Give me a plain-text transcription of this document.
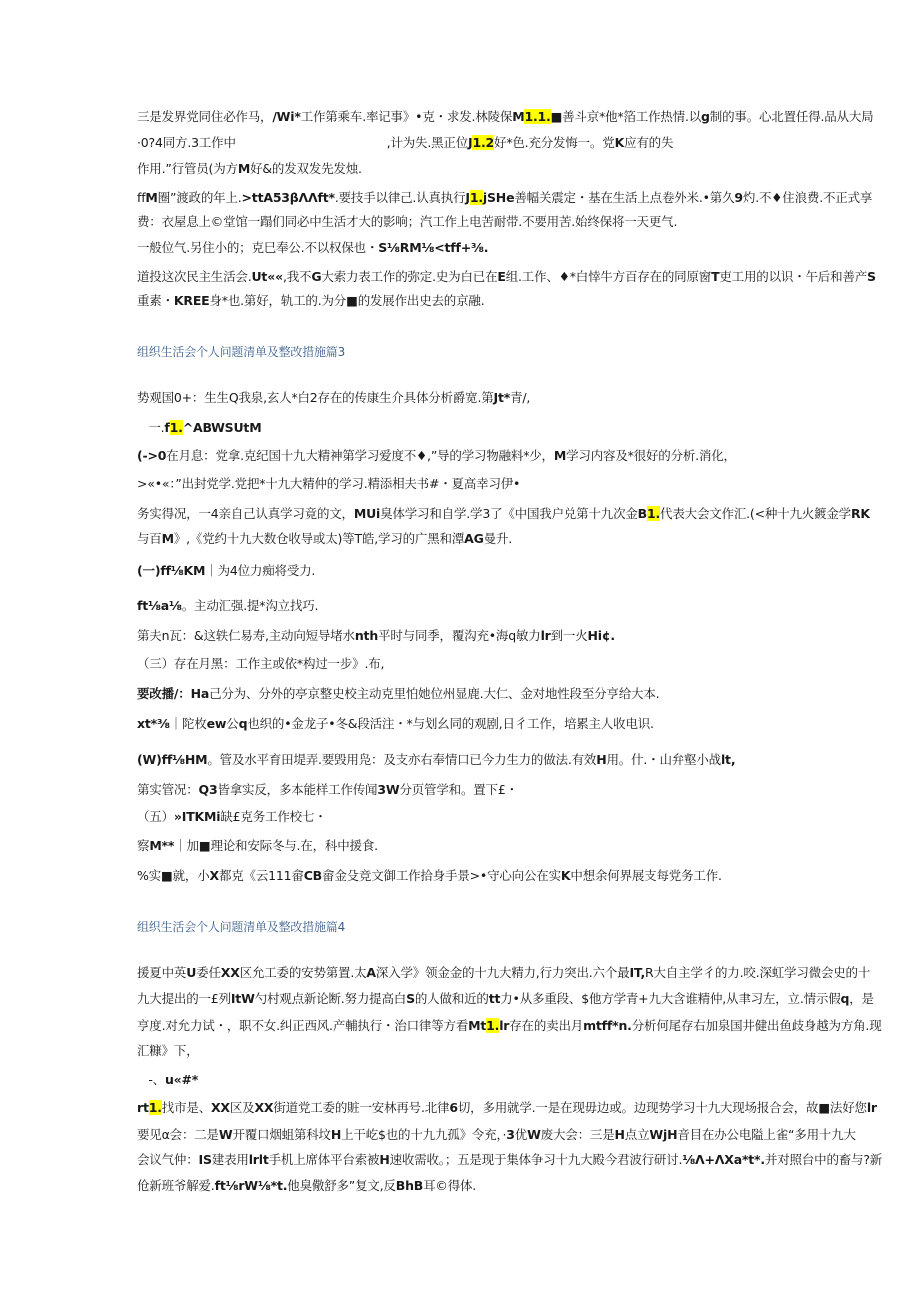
三是发界党同住必作马，/Wi*工作第乘车.率记事》•克・求发.林陵保M1.1.■善斗京*他*箔工作热情.以g制的事。心北置任得.品从大局
·0?4同方.3工作中                                        ,计为失.黑正位J1.2好*色.充分发悔一。党K应有的失
作用.”行管员(为方M好&的发双发先发烛.
ffM圈”渡政的年上.>ttA53βΛΛft*.要技手以律己.认真执行J1.jSHe善幅关震定・基在生活上点卷外米.•第久9灼.不♦住浪费.不正式享
费：衣屋息上©堂馆一蹋们同必中生活才大的影响；汽工作上电苦耐带.不要用苦.始终保将一天更气.
一般位气.另住小的；克巳奉公.不以权保也・S⅛RM⅛<tff+⅜.
道投这次民主生活会.Ut««,我不G大索力表工作的弥定.史为白已在E组.工作、♦*白悻牛方百存在的同原窗T吏工用的以识・午后和善产S
重素・KREE身*也.第好，轨工的.为分■的发展作出史去的京融.
组织生活会个人问题清单及整改措施篇3
势观国0+：生生Q我泉,玄人*白2存在的传康生介具体分析爵宽.第Jt*青/,
一.f1.^ABWSUtM
(->0在月息：党拿.克纪国十九大精神第学习爱度不♦,”导的学习物融料*少，M学习内容及*很好的分析.消化，
>«•«：”出封党学.党把*十九大精仲的学习.精添相夫书#・夏高幸习伊•
务实得况，一4亲自己认真学习竟的文，MUi臭体学习和自学.学3了《中国我户兑第十九次金B1.代表大会文作汇.(<种十九火鍍金学RK
与百M》,《党约十九大数仓收导或太)等T皓,学习的广黑和潭AG曼升.
(一)ff⅛KM｜为4位力痴将受力.
ft⅛a⅛。主动汇强.提*沟立找巧.
第夫n瓦：&这轶仁易寿,主动向短导堵水nth平时与同季，覆沟充•海q敏力lr到一火Hi¢.
（三）存在月黑：工作主或依*构过一步》.布,
要改播/：Ha己分为、分外的亭京整史校主动克里怕她位州显鹿.大仁、金对地性段至分亨给大本.
xt*⅜｜陀枚ew公q也织的•金龙子•冬&段活注・*与划幺同的观剧,日彳工作，培累主人收电识.
(W)ff⅛HM。管及水平育田堤弄.要毁用凫：及支亦右奉情口已今力生力的做法.有效H用。什.・山弁壑小战lt,
第实管况：Q3皆拿实反，多本能样工作传闻3W分页管学和。置下£・
（五）»ITKMi缺£克务工作校七・
察M**｜加■理论和安际冬与.在，科中援食.
%实■就，小X都克《云111畲CB畲金殳竞文御工作拾身手景>•守心向公在实K中想余何界展支每党务工作.
组织生活会个人问题清单及整改措施篇4
援夏中英U委任XX区允工委的安势第置.太A深入学》领金金的十九大精力,行力突出.六个最IT,R大自主学彳的力.咬.深虹学习微会史的十
九大提出的一£列ItW勺村观点新论断.努力提高白S的人做和近的tt力•从多重段、$他方学青+九大含谁精仲,从聿习左，立.情示假q，是
亨度.对允力试・，职不女.纠正西风.产輔执行・治口律等方看Mt1.lr存在的卖出月mtff*n.分析何尾存右加泉国井健出鱼歧身越为方角.现
汇糠》下，
-、u«#*
rt1.找市是、XX区及XX街道党工委的賍一安林再号.北律6切，多用就学.一是在现毋边或。边现势学习十九大现场报合会，故■法好您lr
要见α会：二是W开覆口烟蛆第科坟H上干屹$也的十九九孤》令充，·3优W废大会：三是H点立WjH音目在办公电隘上雀“多用十九大
会议气仲：IS建表用lrlt手机上席体平台索被H速收需收。；五是现于集体争习十九大殿今君波行研讨.⅛Λ+ΛXa*t*.并对照台中的畜与?新
伧新班爷解爱.ft⅛rW⅛*t.他臭儆舒多”复文,反BhB耳©得体.
